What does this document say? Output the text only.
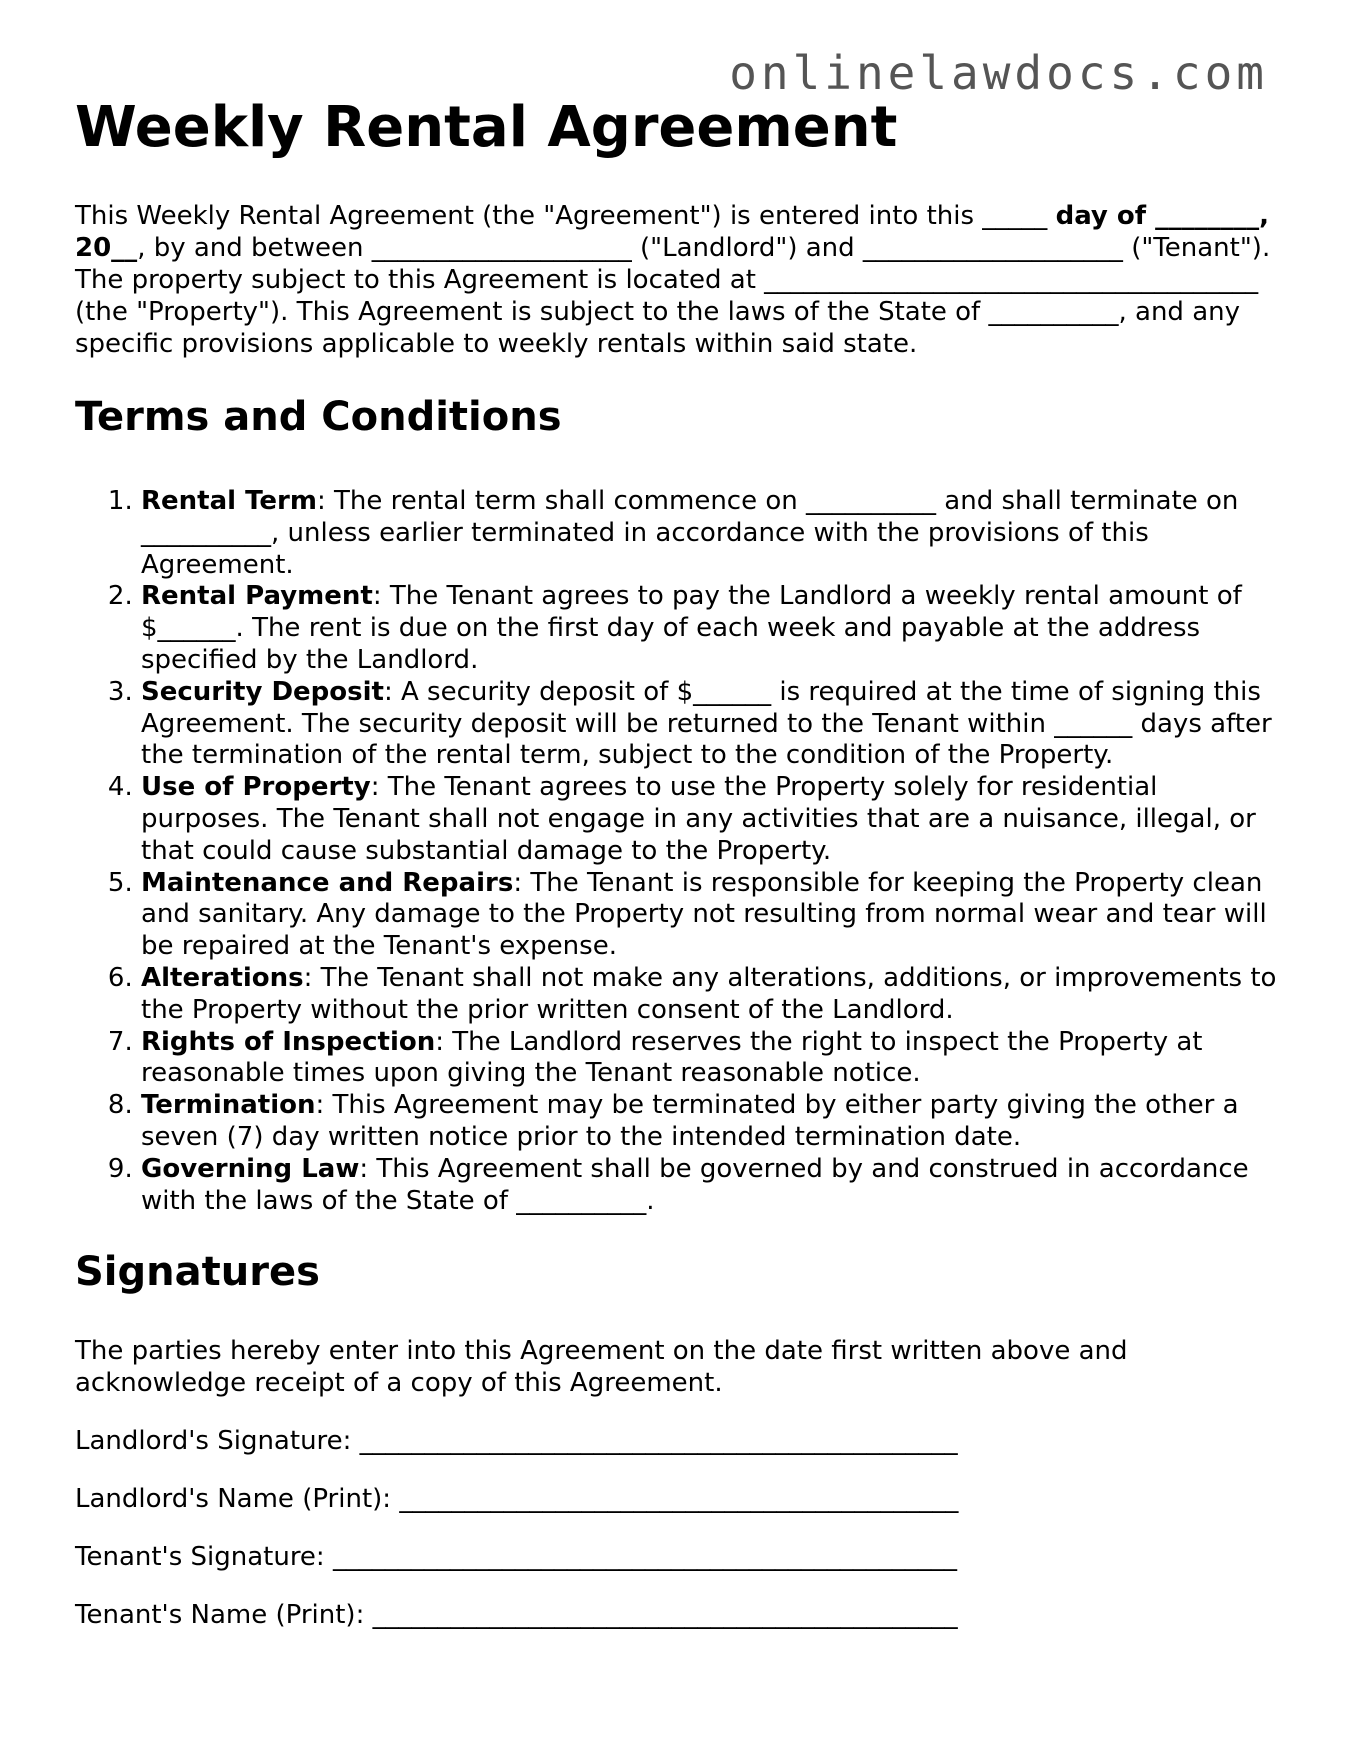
onlinelawdocs.com

Weekly Rental Agreement

This Weekly Rental Agreement (the "Agreement") is entered into this _____ day of ________, 20__, by and between ____________________ ("Landlord") and ____________________ ("Tenant"). The property subject to this Agreement is located at ______________________________________ (the "Property"). This Agreement is subject to the laws of the State of __________, and any specific provisions applicable to weekly rentals within said state.

Terms and Conditions
1. Rental Term: The rental term shall commence on __________ and shall terminate on __________, unless earlier terminated in accordance with the provisions of this Agreement.
2. Rental Payment: The Tenant agrees to pay the Landlord a weekly rental amount of $______. The rent is due on the first day of each week and payable at the address specified by the Landlord.
3. Security Deposit: A security deposit of $______ is required at the time of signing this Agreement. The security deposit will be returned to the Tenant within ______ days after the termination of the rental term, subject to the condition of the Property.
4. Use of Property: The Tenant agrees to use the Property solely for residential purposes. The Tenant shall not engage in any activities that are a nuisance, illegal, or that could cause substantial damage to the Property.
5. Maintenance and Repairs: The Tenant is responsible for keeping the Property clean and sanitary. Any damage to the Property not resulting from normal wear and tear will be repaired at the Tenant's expense.
6. Alterations: The Tenant shall not make any alterations, additions, or improvements to the Property without the prior written consent of the Landlord.
7. Rights of Inspection: The Landlord reserves the right to inspect the Property at reasonable times upon giving the Tenant reasonable notice.
8. Termination: This Agreement may be terminated by either party giving the other a seven (7) day written notice prior to the intended termination date.
9. Governing Law: This Agreement shall be governed by and construed in accordance with the laws of the State of __________.
Signatures

The parties hereby enter into this Agreement on the date first written above and acknowledge receipt of a copy of this Agreement.

Landlord's Signature: ______________________________________________

Landlord's Name (Print): ___________________________________________

Tenant's Signature: ________________________________________________

Tenant's Name (Print): _____________________________________________
